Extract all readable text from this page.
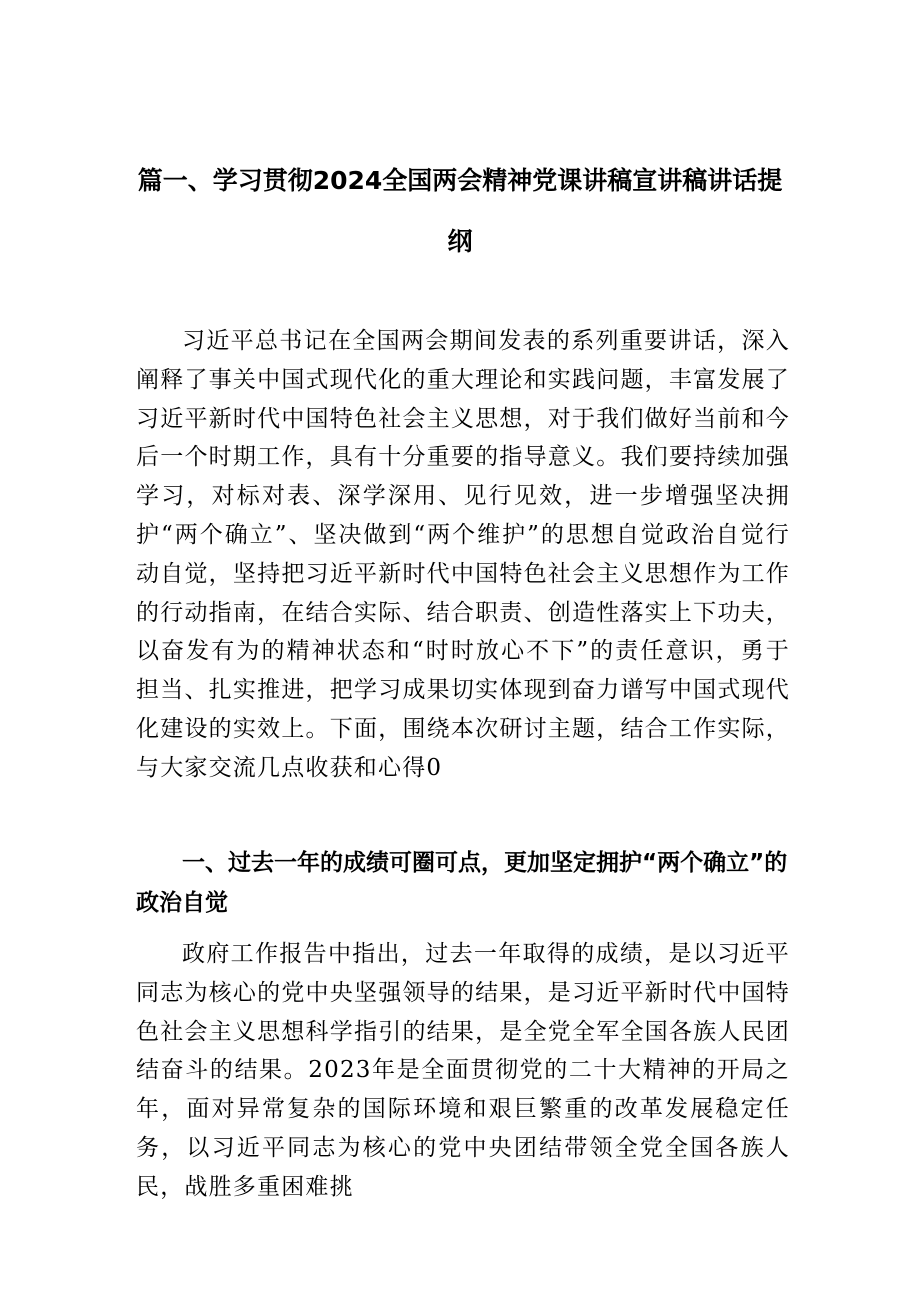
篇一、学习贯彻2024全国两会精神党课讲稿宣讲稿讲话提
纲

习近平总书记在全国两会期间发表的系列重要讲话，深入阐释了事关中国式现代化的重大理论和实践问题，丰富发展了习近平新时代中国特色社会主义思想，对于我们做好当前和今后一个时期工作，具有十分重要的指导意义。我们要持续加强学习，对标对表、深学深用、见行见效，进一步增强坚决拥护“两个确立”、坚决做到“两个维护”的思想自觉政治自觉行动自觉，坚持把习近平新时代中国特色社会主义思想作为工作的行动指南，在结合实际、结合职责、创造性落实上下功夫，以奋发有为的精神状态和“时时放心不下”的责任意识，勇于担当、扎实推进，把学习成果切实体现到奋力谱写中国式现代化建设的实效上。下面，围绕本次研讨主题，结合工作实际，与大家交流几点收获和心得0

一、过去一年的成绩可圈可点，更加坚定拥护“两个确立”的政治自觉

政府工作报告中指出，过去一年取得的成绩，是以习近平同志为核心的党中央坚强领导的结果，是习近平新时代中国特色社会主义思想科学指引的结果，是全党全军全国各族人民团结奋斗的结果。2023年是全面贯彻党的二十大精神的开局之年，面对异常复杂的国际环境和艰巨繁重的改革发展稳定任务，以习近平同志为核心的党中央团结带领全党全国各族人民，战胜多重困难挑
